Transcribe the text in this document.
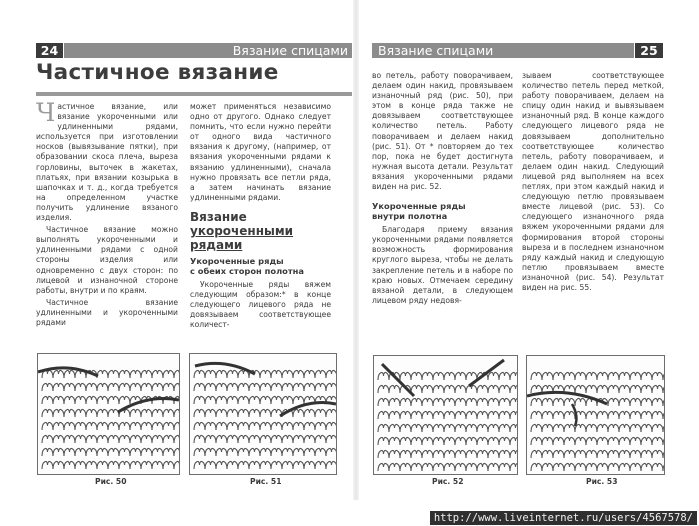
24	Вязание спицами
Частичное вязание

Частичное вязание, или вязание укороченными или удлиненными рядами, используется при изготовлении носков (вывязывание пятки), при образовании скоса плеча, выреза горловины, выточек в жакетах, платьях, при вязании козырька в шапочках и т. д., когда требуется на определенном участке получить удлинение вязаного изделия.

Частичное вязание можно выполнять укороченными и удлиненными рядами с одной стороны изделия или одновременно с двух сторон: по лицевой и изнаночной стороне работы, внутри и по краям.

Частичное вязание удлиненными и укороченными рядами

может применяться независимо одно от другого. Однако следует помнить, что если нужно перейти от одного вида частичного вязания к другому, (например, от вязания укороченными рядами к вязанию удлиненными), сначала нужно провязать все петли ряда, а затем начинать вязание удлиненными рядами.

Вязание
укороченными рядами
Укороченные ряды
с обеих сторон полотна

Укороченные ряды вяжем следующим образом:* в конце следующего лицевого ряда не довязываем соответствующее количест-

Рис. 50	Рис. 51
Вязание спицами	25

во петель, работу поворачиваем, делаем один накид, провязываем изнаночный ряд (рис. 50), при этом в конце ряда также не довязываем соответствующее количество петель. Работу поворачиваем и делаем накид (рис. 51). От * повторяем до тех пор, пока не будет достигнута нужная высота детали. Результат вязания укороченными рядами виден на рис. 52.

Укороченные ряды
внутри полотна

Благодаря приему вязания укороченными рядами появляется возможность формирования круглого выреза, чтобы не делать закрепление петель и в наборе по краю новых. Отмечаем середину вязаной детали, в следующем лицевом ряду недовя-

зываем соответствующее количество петель перед меткой, работу поворачиваем, делаем на спицу один накид и вывязываем изнаночный ряд. В конце каждого следующего лицевого ряда не довязываем дополнительно соответствующее количество петель, работу поворачиваем, и делаем один накид. Следующий лицевой ряд выполняем на всех петлях, при этом каждый накид и следующую петлю провязываем вместе лицевой (рис. 53). Со следующего изнаночного ряда вяжем укороченными рядами для формирования второй стороны выреза и в последнем изнаночном ряду каждый накид и следующую петлю провязываем вместе изнаночной (рис. 54). Результат виден на рис. 55.

Рис. 52	Рис. 53
http://www.liveinternet.ru/users/4567578/
